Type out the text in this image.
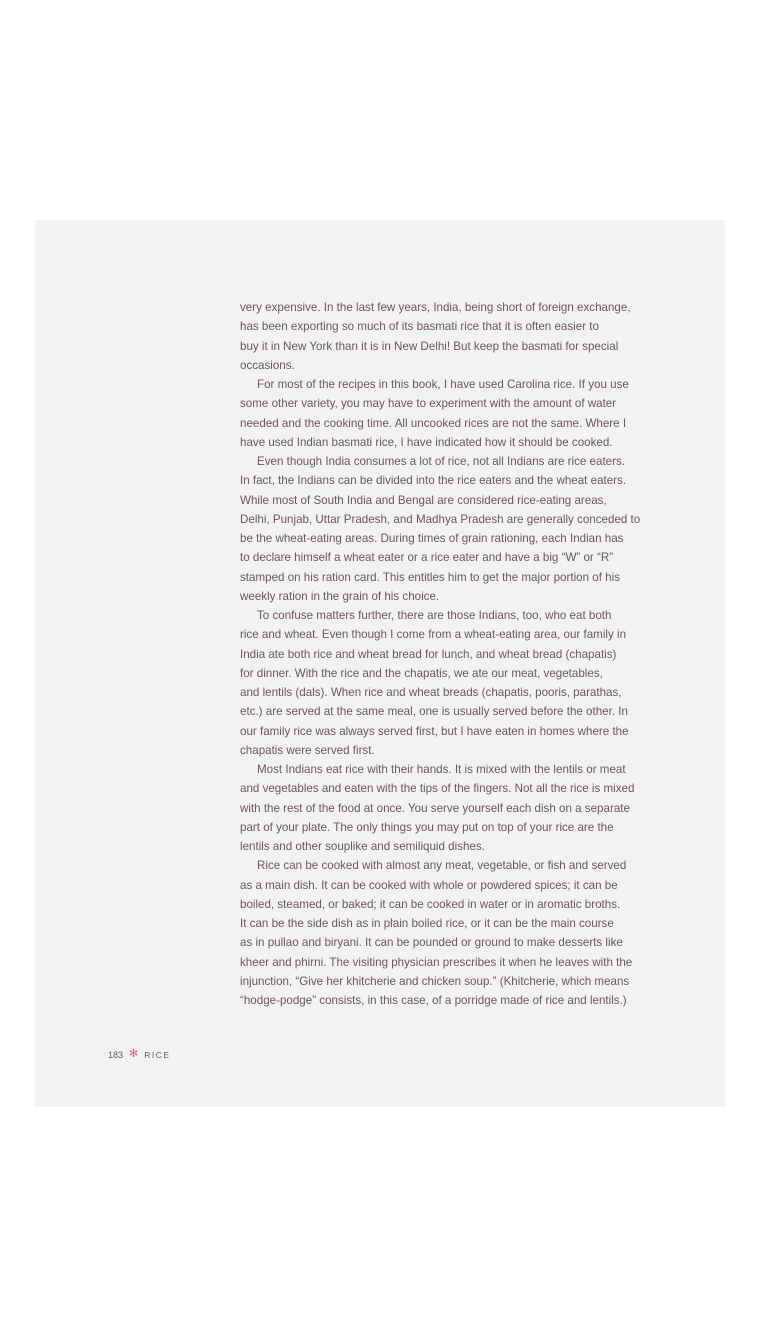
very expensive. In the last few years, India, being short of foreign exchange,
has been exporting so much of its basmati rice that it is often easier to
buy it in New York than it is in New Delhi! But keep the basmati for special
occasions.

For most of the recipes in this book, I have used Carolina rice. If you use
some other variety, you may have to experiment with the amount of water
needed and the cooking time. All uncooked rices are not the same. Where I
have used Indian basmati rice, I have indicated how it should be cooked.

Even though India consumes a lot of rice, not all Indians are rice eaters.
In fact, the Indians can be divided into the rice eaters and the wheat eaters.
While most of South India and Bengal are considered rice-eating areas,
Delhi, Punjab, Uttar Pradesh, and Madhya Pradesh are generally conceded to
be the wheat-eating areas. During times of grain rationing, each Indian has
to declare himself a wheat eater or a rice eater and have a big “W” or “R”
stamped on his ration card. This entitles him to get the major portion of his
weekly ration in the grain of his choice.

To confuse matters further, there are those Indians, too, who eat both
rice and wheat. Even though I come from a wheat-eating area, our family in
India ate both rice and wheat bread for lunch, and wheat bread (chapatis)
for dinner. With the rice and the chapatis, we ate our meat, vegetables,
and lentils (dals). When rice and wheat breads (chapatis, pooris, parathas,
etc.) are served at the same meal, one is usually served before the other. In
our family rice was always served first, but I have eaten in homes where the
chapatis were served first.

Most Indians eat rice with their hands. It is mixed with the lentils or meat
and vegetables and eaten with the tips of the fingers. Not all the rice is mixed
with the rest of the food at once. You serve yourself each dish on a separate
part of your plate. The only things you may put on top of your rice are the
lentils and other souplike and semiliquid dishes.

Rice can be cooked with almost any meat, vegetable, or fish and served
as a main dish. It can be cooked with whole or powdered spices; it can be
boiled, steamed, or baked; it can be cooked in water or in aromatic broths.
It can be the side dish as in plain boiled rice, or it can be the main course
as in pullao and biryani. It can be pounded or ground to make desserts like
kheer and phirni. The visiting physician prescribes it when he leaves with the
injunction, “Give her khitcherie and chicken soup.” (Khitcherie, which means
“hodge-podge” consists, in this case, of a porridge made of rice and lentils.)

183 ✻ RICE
